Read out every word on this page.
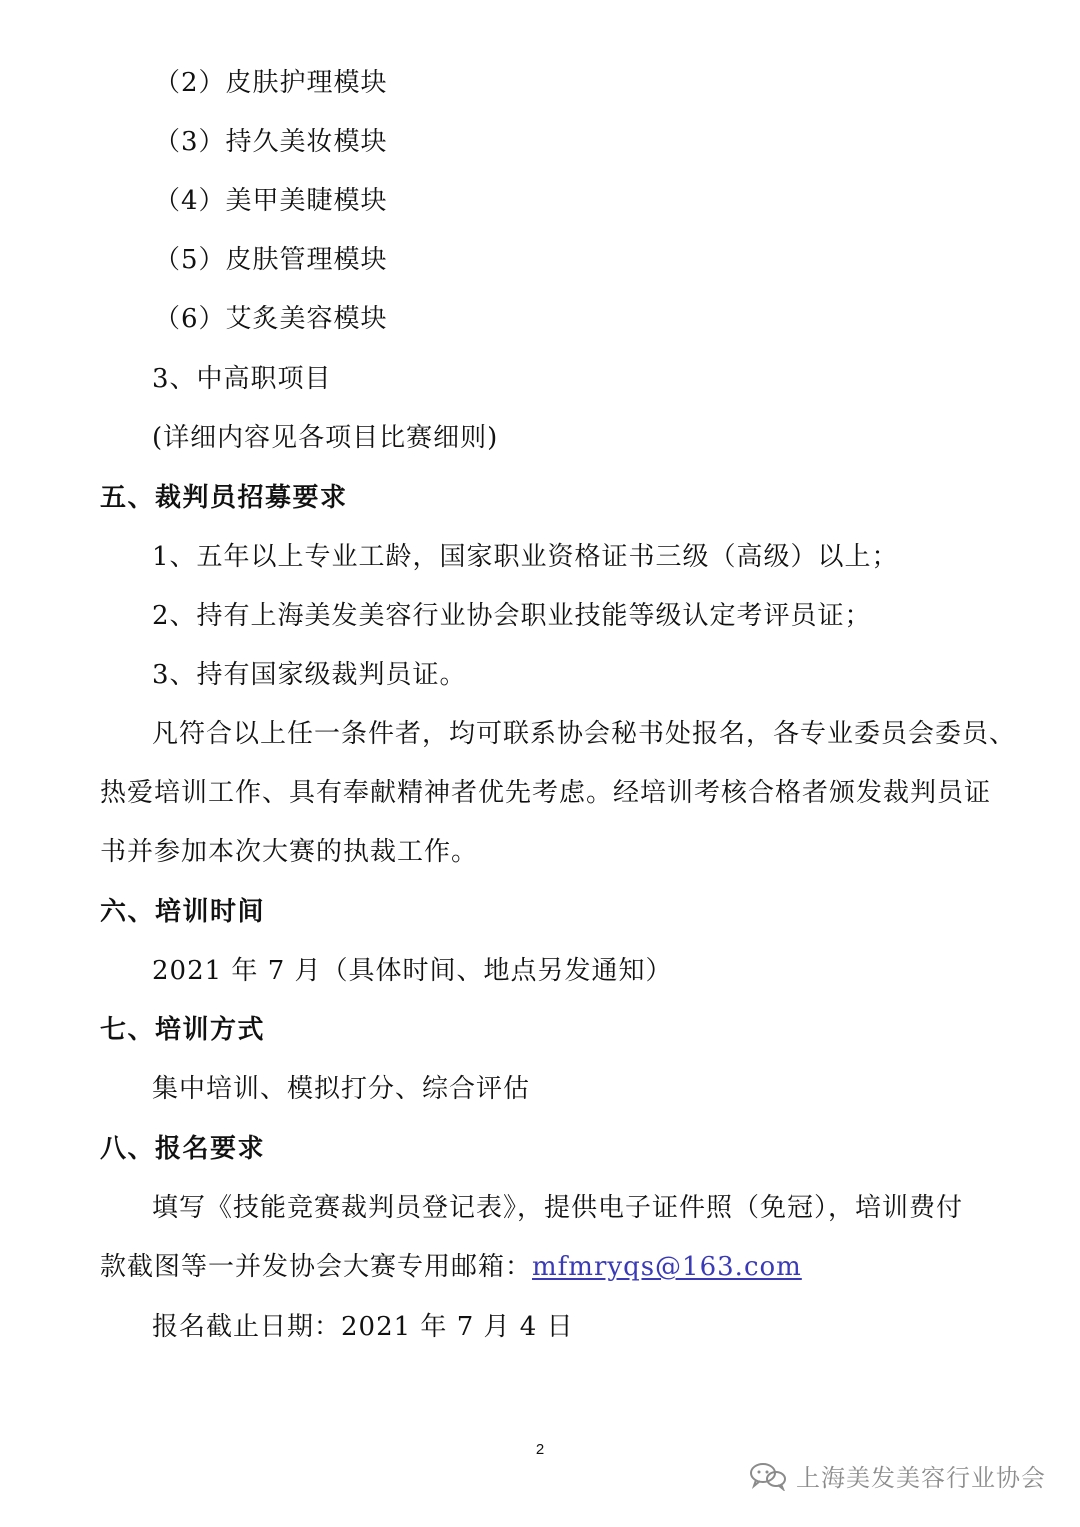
（2）皮肤护理模块
（3）持久美妆模块
（4）美甲美睫模块
（5）皮肤管理模块
（6）艾炙美容模块
3、中高职项目
(详细内容见各项目比赛细则)
五、裁判员招募要求
1、五年以上专业工龄，国家职业资格证书三级（高级）以上；
2、持有上海美发美容行业协会职业技能等级认定考评员证；
3、持有国家级裁判员证。
凡符合以上任一条件者，均可联系协会秘书处报名，各专业委员会委员、
热爱培训工作、具有奉献精神者优先考虑。经培训考核合格者颁发裁判员证
书并参加本次大赛的执裁工作。
六、培训时间
2021 年 7 月（具体时间、地点另发通知）
七、培训方式
集中培训、模拟打分、综合评估
八、报名要求
填写《技能竞赛裁判员登记表》，提供电子证件照（免冠），培训费付
款截图等一并发协会大赛专用邮箱：mfmryqs@163.com
报名截止日期：2021 年 7 月 4 日
2
上海美发美容行业协会
